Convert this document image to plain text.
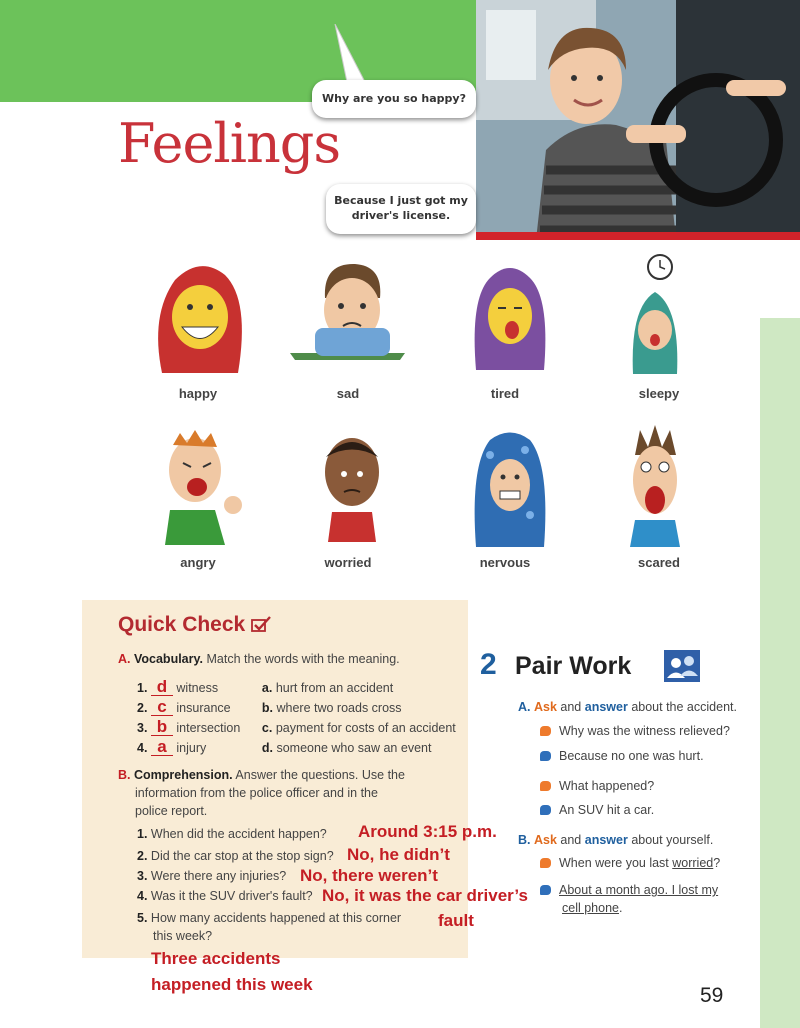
Why are you so happy?
Because I just got my
driver's license.
Feelings
happy	sad	tired	sleepy
angry	worried	nervous	scared
Quick Check
A. Vocabulary. Match the words with the meaning.
1. d witness	a. hurt from an accident
2. c insurance	b. where two roads cross
3. b intersection c. payment for costs of an accident
4. a injury	d. someone who saw an event
B. Comprehension. Answer the questions. Use the
information from the police officer and in the
police report.
1. When did the accident happen? Around 3:15 p.m.
2. Did the car stop at the stop sign? No, he didn’t
3. Were there any injuries? No, there weren’t
4. Was it the SUV driver's fault? No, it was the car driver’s
fault
5. How many accidents happened at this corner
this week?
Three accidents
happened this week
2 Pair Work
A. Ask and answer about the accident.
Why was the witness relieved?
Because no one was hurt.
What happened?
An SUV hit a car.
B. Ask and answer about yourself.
When were you last worried?
About a month ago. I lost my
cell phone.
59
